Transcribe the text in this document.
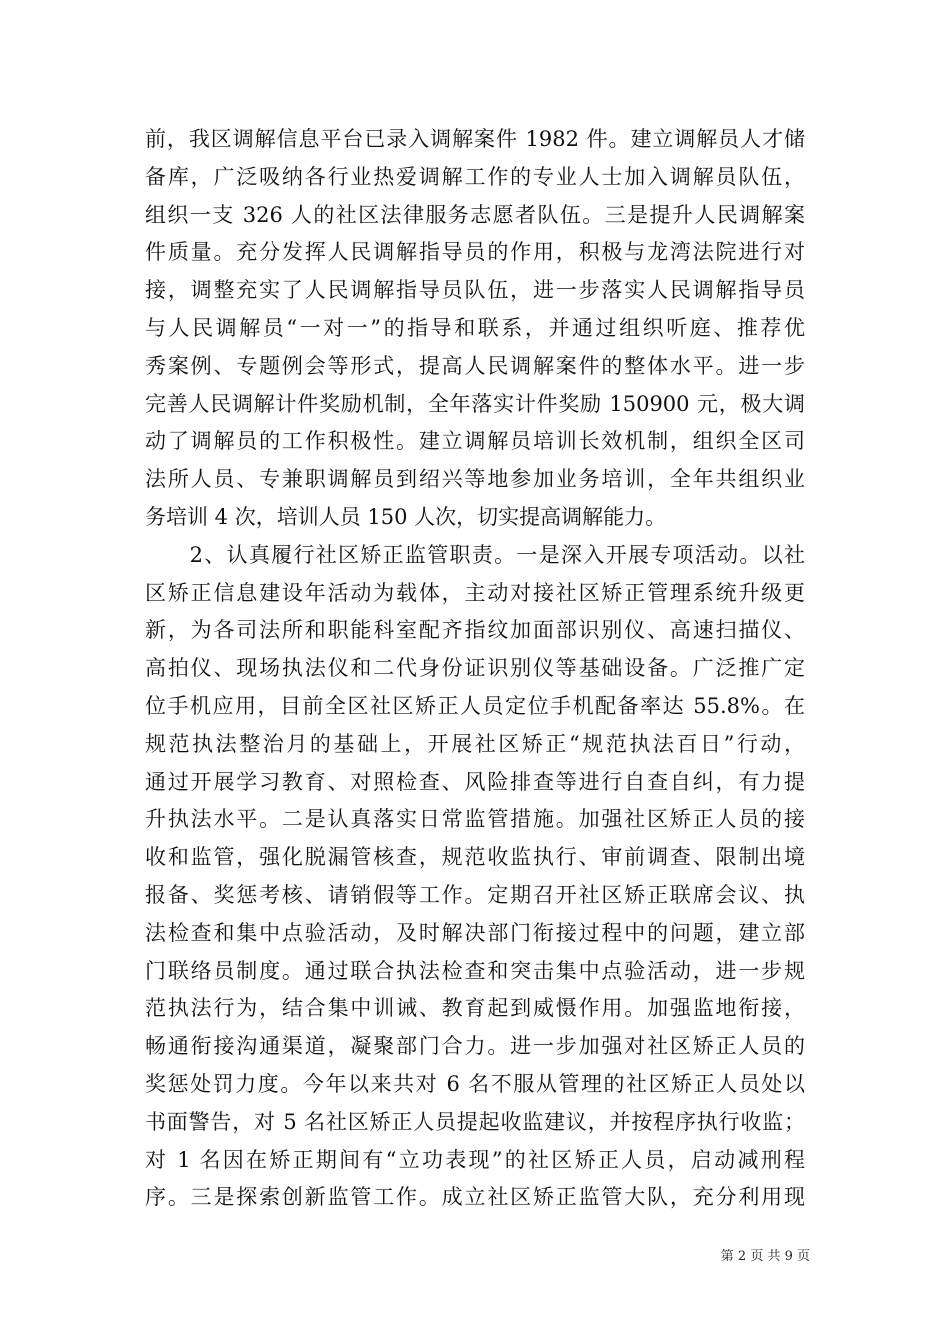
前，我区调解信息平台已录入调解案件 1982 件。建立调解员人才储
备库，广泛吸纳各行业热爱调解工作的专业人士加入调解员队伍，
组织一支 326 人的社区法律服务志愿者队伍。三是提升人民调解案
件质量。充分发挥人民调解指导员的作用，积极与龙湾法院进行对
接，调整充实了人民调解指导员队伍，进一步落实人民调解指导员
与人民调解员“一对一”的指导和联系，并通过组织听庭、推荐优
秀案例、专题例会等形式，提高人民调解案件的整体水平。进一步
完善人民调解计件奖励机制，全年落实计件奖励 150900 元，极大调
动了调解员的工作积极性。建立调解员培训长效机制，组织全区司
法所人员、专兼职调解员到绍兴等地参加业务培训，全年共组织业
务培训 4 次，培训人员 150 人次，切实提高调解能力。
　　2、认真履行社区矫正监管职责。一是深入开展专项活动。以社
区矫正信息建设年活动为载体，主动对接社区矫正管理系统升级更
新，为各司法所和职能科室配齐指纹加面部识别仪、高速扫描仪、
高拍仪、现场执法仪和二代身份证识别仪等基础设备。广泛推广定
位手机应用，目前全区社区矫正人员定位手机配备率达 55.8%。在
规范执法整治月的基础上，开展社区矫正“规范执法百日”行动，
通过开展学习教育、对照检查、风险排查等进行自查自纠，有力提
升执法水平。二是认真落实日常监管措施。加强社区矫正人员的接
收和监管，强化脱漏管核查，规范收监执行、审前调查、限制出境
报备、奖惩考核、请销假等工作。定期召开社区矫正联席会议、执
法检查和集中点验活动，及时解决部门衔接过程中的问题，建立部
门联络员制度。通过联合执法检查和突击集中点验活动，进一步规
范执法行为，结合集中训诫、教育起到威慑作用。加强监地衔接，
畅通衔接沟通渠道，凝聚部门合力。进一步加强对社区矫正人员的
奖惩处罚力度。今年以来共对 6 名不服从管理的社区矫正人员处以
书面警告，对 5 名社区矫正人员提起收监建议，并按程序执行收监；
对 1 名因在矫正期间有“立功表现”的社区矫正人员，启动减刑程
序。三是探索创新监管工作。成立社区矫正监管大队，充分利用现
第 2 页 共 9 页
